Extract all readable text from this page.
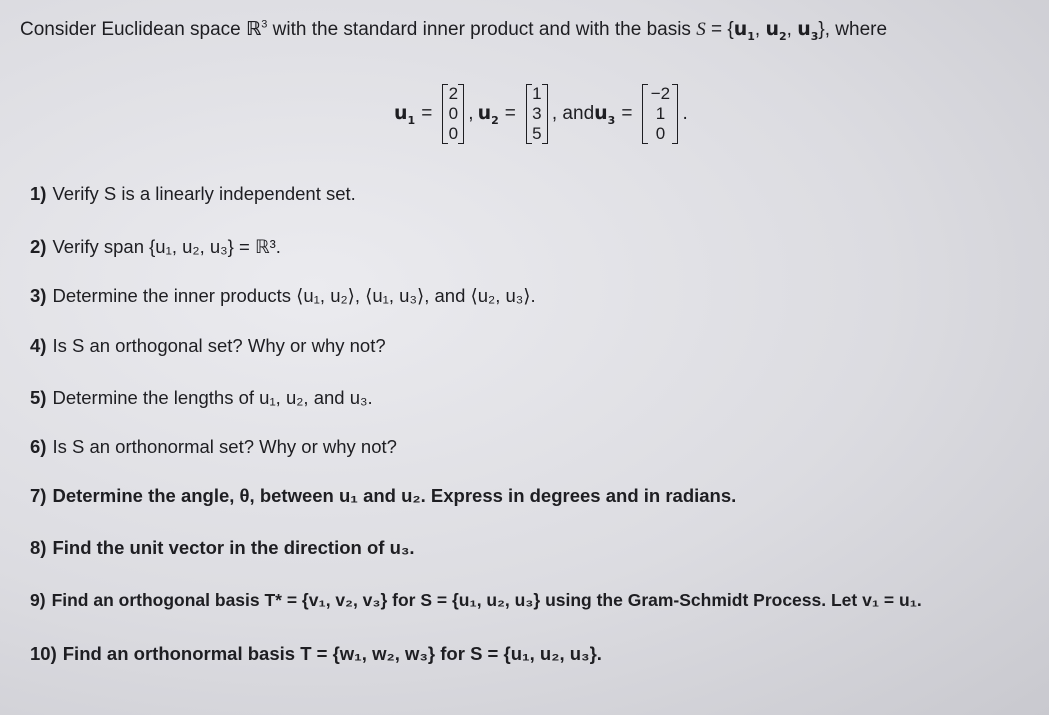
Consider Euclidean space ℝ$^3$ with the standard inner product and with the basis $S = \{u_1$, $u_2$, $u_3$}, where
$u_1$ =
2
0
0
, $u_2$ =
1
3
5
, and $u_3$ =
−2
1
0
.
1) Verify S is a linearly independent set.
2) Verify span {u₁, u₂, u₃} = ℝ³.
3) Determine the inner products ⟨u₁, u₂⟩, ⟨u₁, u₃⟩, and ⟨u₂, u₃⟩.
4) Is S an orthogonal set? Why or why not?
5) Determine the lengths of u₁, u₂, and u₃.
6) Is S an orthonormal set? Why or why not?
7) Determine the angle, θ, between u₁ and u₂. Express in degrees and in radians.
8) Find the unit vector in the direction of u₃.
9) Find an orthogonal basis T* = {v₁, v₂, v₃} for S = {u₁, u₂, u₃} using the Gram-Schmidt Process. Let v₁ = u₁.
10) Find an orthonormal basis T = {w₁, w₂, w₃} for S = {u₁, u₂, u₃}.
